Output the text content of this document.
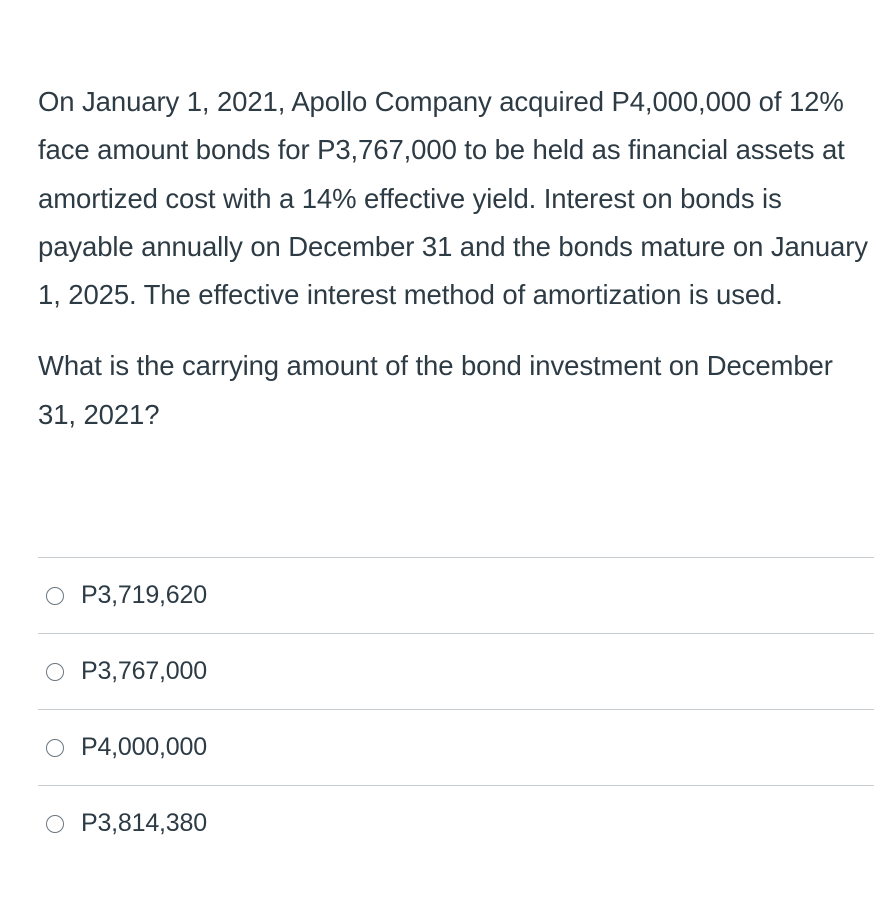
On January 1, 2021, Apollo Company acquired P4,000,000 of 12% face amount bonds for P3,767,000 to be held as financial assets at amortized cost with a 14% effective yield. Interest on bonds is payable annually on December 31 and the bonds mature on January 1, 2025. The effective interest method of amortization is used.

What is the carrying amount of the bond investment on December 31, 2021?

P3,719,620
P3,767,000
P4,000,000
P3,814,380
